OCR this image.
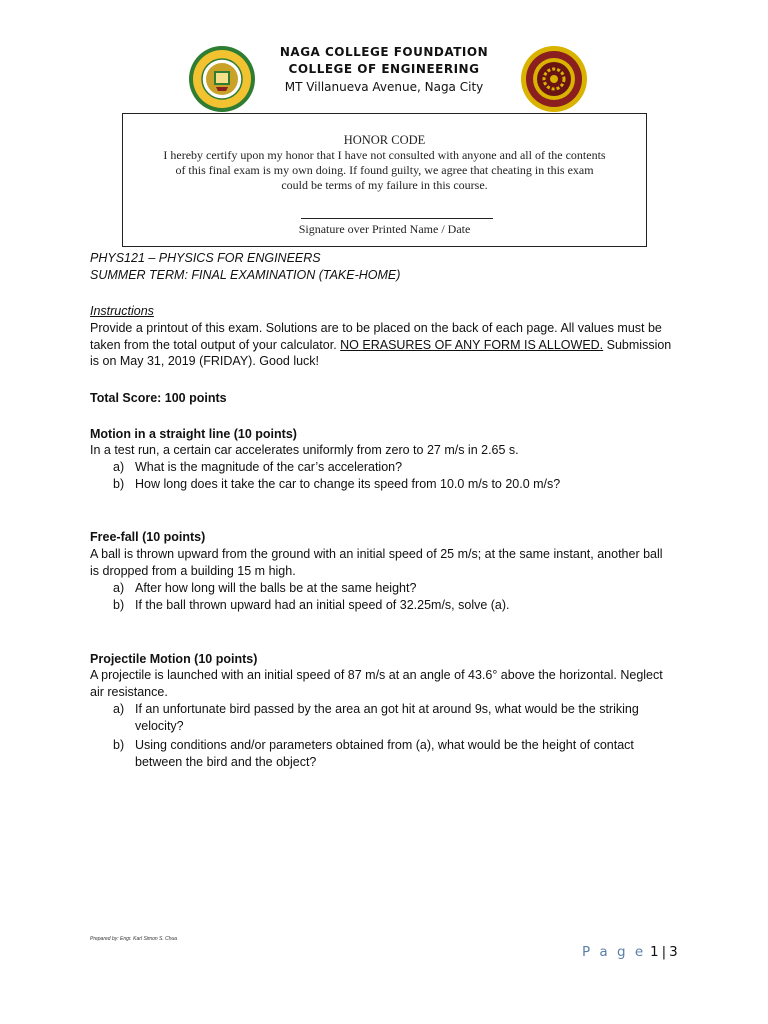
NAGA COLLEGE FOUNDATION
COLLEGE OF ENGINEERING
MT Villanueva Avenue, Naga City
HONOR CODE
I hereby certify upon my honor that I have not consulted with anyone and all of the contents of this final exam is my own doing. If found guilty, we agree that cheating in this exam could be terms of my failure in this course.
Signature over Printed Name / Date
PHYS121 – PHYSICS FOR ENGINEERS
SUMMER TERM: FINAL EXAMINATION (TAKE-HOME)
Instructions
Provide a printout of this exam. Solutions are to be placed on the back of each page. All values must be taken from the total output of your calculator. NO ERASURES OF ANY FORM IS ALLOWED. Submission is on May 31, 2019 (FRIDAY). Good luck!
Total Score: 100 points
Motion in a straight line (10 points)
In a test run, a certain car accelerates uniformly from zero to 27 m/s in 2.65 s.
a) What is the magnitude of the car’s acceleration?
b) How long does it take the car to change its speed from 10.0 m/s to 20.0 m/s?
Free-fall (10 points)
A ball is thrown upward from the ground with an initial speed of 25 m/s; at the same instant, another ball is dropped from a building 15 m high.
a) After how long will the balls be at the same height?
b) If the ball thrown upward had an initial speed of 32.25m/s, solve (a).
Projectile Motion (10 points)
A projectile is launched with an initial speed of 87 m/s at an angle of 43.6° above the horizontal. Neglect air resistance.
a) If an unfortunate bird passed by the area an got hit at around 9s, what would be the striking velocity?
b) Using conditions and/or parameters obtained from (a), what would be the height of contact between the bird and the object?
Prepared by: Engr. Karl Simon S. Chua
P a g e 1 | 3
